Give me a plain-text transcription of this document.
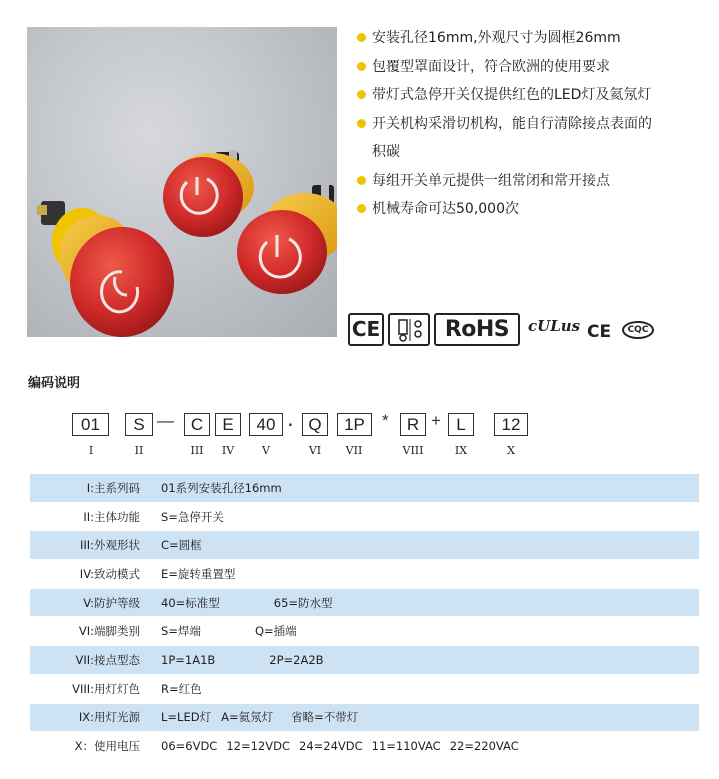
安装孔径16mm,外观尺寸为圆框26mm
包覆型罩面设计，符合欧洲的使用要求
带灯式急停开关仅提供红色的LED灯及氦氖灯
开关机构采滑切机构，能自行清除接点表面的
积碳
每组开关单元提供一组常闭和常开接点
机械寿命可达50,000次
CE	RoHS	cULus CE	CQC
编码说明
01	S — C	E	40 . Q	1P	*	R + L	12
I	II	III	IV	V	VI	VII	VIII	IX	X
I:主系列码	01系列安装孔径16mm
II:主体功能	S=急停开关
III:外观形状	C=圆框
IV:致动模式	E=旋转重置型
V:防护等级	40=标准型 65=防水型
VI:端脚类别	S=焊端 Q=插端
VII:接点型态	1P=1A1B 2P=2A2B
VIII:用灯灯色	R=红色
IX:用灯光源	L=LED灯 A=氦氖灯 省略=不带灯
X：使用电压	06=6VDC 12=12VDC 24=24VDC 11=110VAC 22=220VAC
